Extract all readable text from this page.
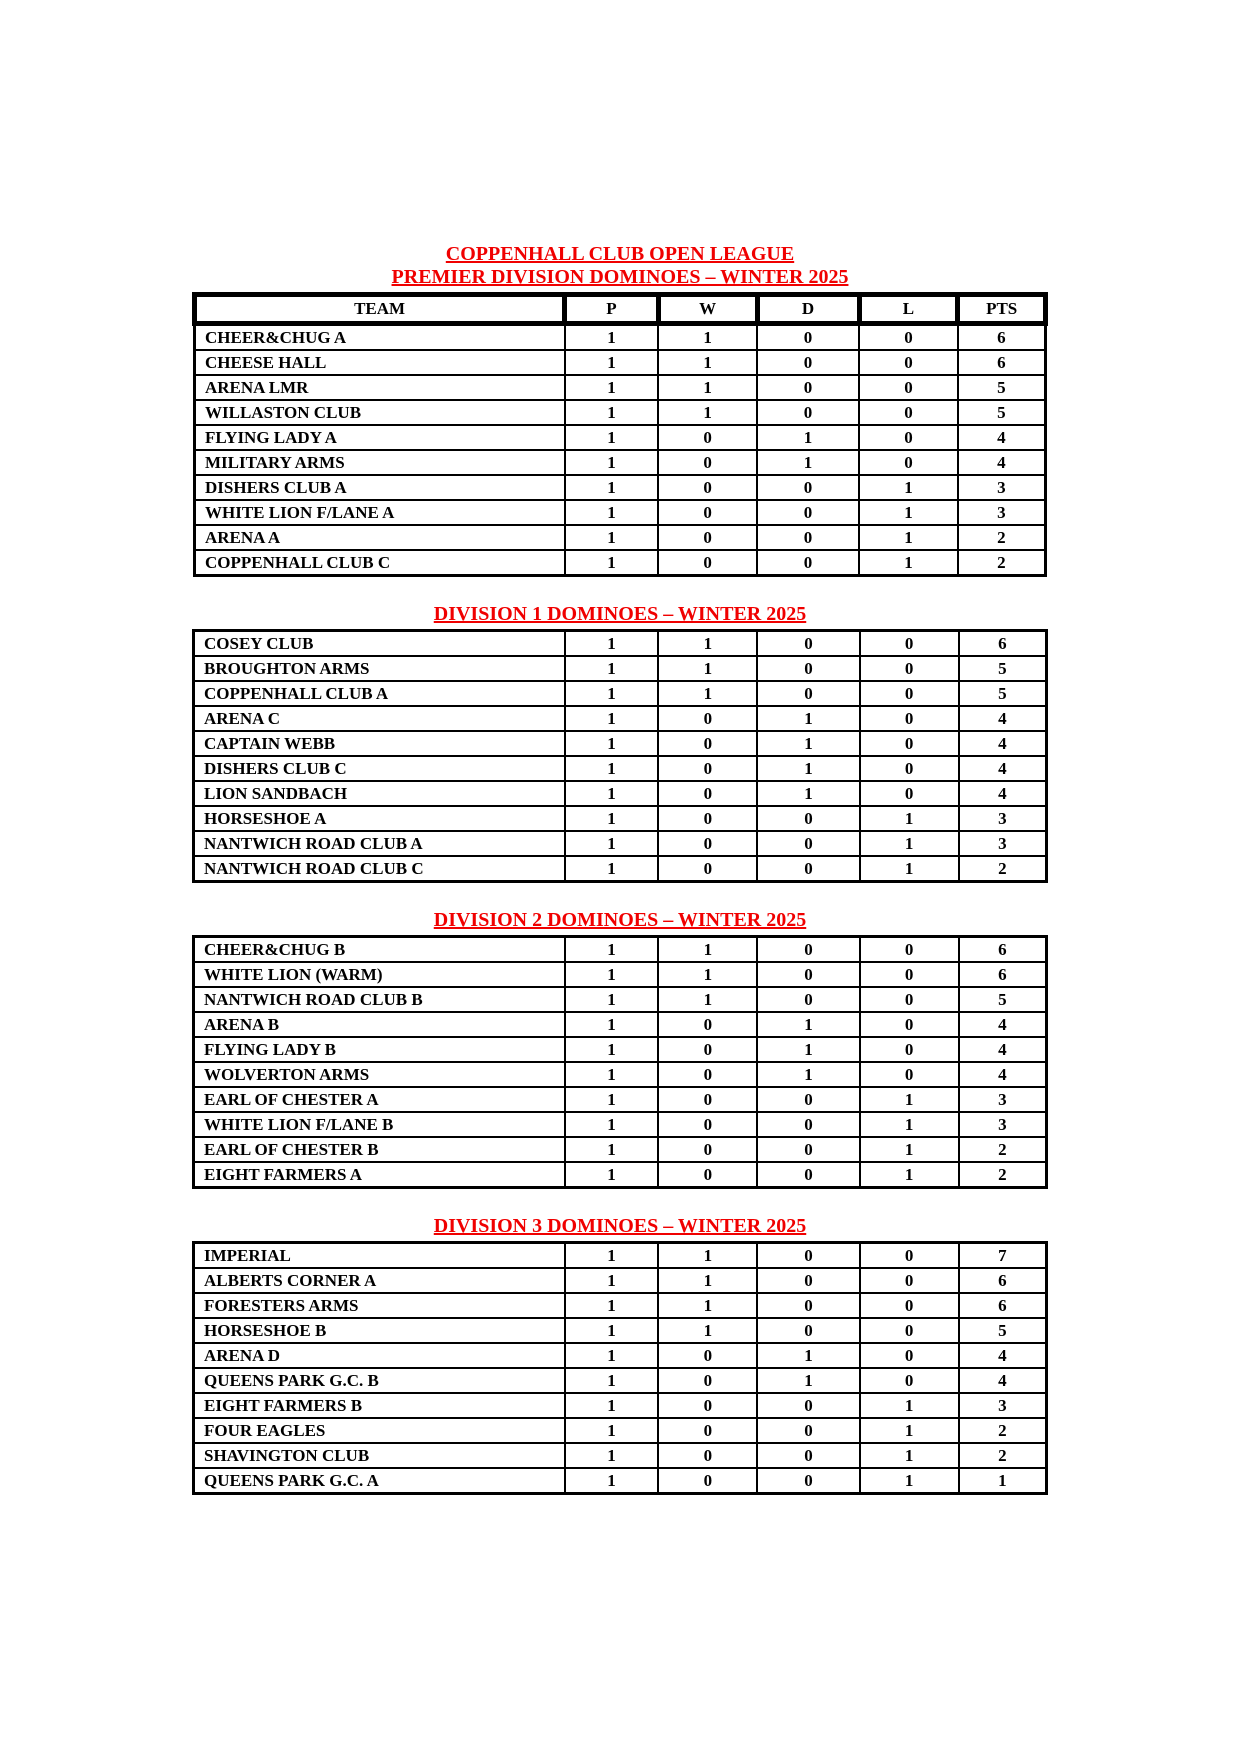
COPPENHALL CLUB OPEN LEAGUE
PREMIER DIVISION DOMINOES – WINTER 2025
TEAM	P	W	D	L	PTS
CHEER&CHUG A	1	1	0	0	6
CHEESE HALL	1	1	0	0	6
ARENA LMR	1	1	0	0	5
WILLASTON CLUB	1	1	0	0	5
FLYING LADY A	1	0	1	0	4
MILITARY ARMS	1	0	1	0	4
DISHERS CLUB A	1	0	0	1	3
WHITE LION F/LANE A	1	0	0	1	3
ARENA A	1	0	0	1	2
COPPENHALL CLUB C	1	0	0	1	2
DIVISION 1 DOMINOES – WINTER 2025
COSEY CLUB	1	1	0	0	6
BROUGHTON ARMS	1	1	0	0	5
COPPENHALL CLUB A	1	1	0	0	5
ARENA C	1	0	1	0	4
CAPTAIN WEBB	1	0	1	0	4
DISHERS CLUB C	1	0	1	0	4
LION SANDBACH	1	0	1	0	4
HORSESHOE A	1	0	0	1	3
NANTWICH ROAD CLUB A	1	0	0	1	3
NANTWICH ROAD CLUB C	1	0	0	1	2
DIVISION 2 DOMINOES – WINTER 2025
CHEER&CHUG B	1	1	0	0	6
WHITE LION (WARM)	1	1	0	0	6
NANTWICH ROAD CLUB B	1	1	0	0	5
ARENA B	1	0	1	0	4
FLYING LADY B	1	0	1	0	4
WOLVERTON ARMS	1	0	1	0	4
EARL OF CHESTER A	1	0	0	1	3
WHITE LION F/LANE B	1	0	0	1	3
EARL OF CHESTER B	1	0	0	1	2
EIGHT FARMERS A	1	0	0	1	2
DIVISION 3 DOMINOES – WINTER 2025
IMPERIAL	1	1	0	0	7
ALBERTS CORNER A	1	1	0	0	6
FORESTERS ARMS	1	1	0	0	6
HORSESHOE B	1	1	0	0	5
ARENA D	1	0	1	0	4
QUEENS PARK G.C. B	1	0	1	0	4
EIGHT FARMERS B	1	0	0	1	3
FOUR EAGLES	1	0	0	1	2
SHAVINGTON CLUB	1	0	0	1	2
QUEENS PARK G.C. A	1	0	0	1	1
